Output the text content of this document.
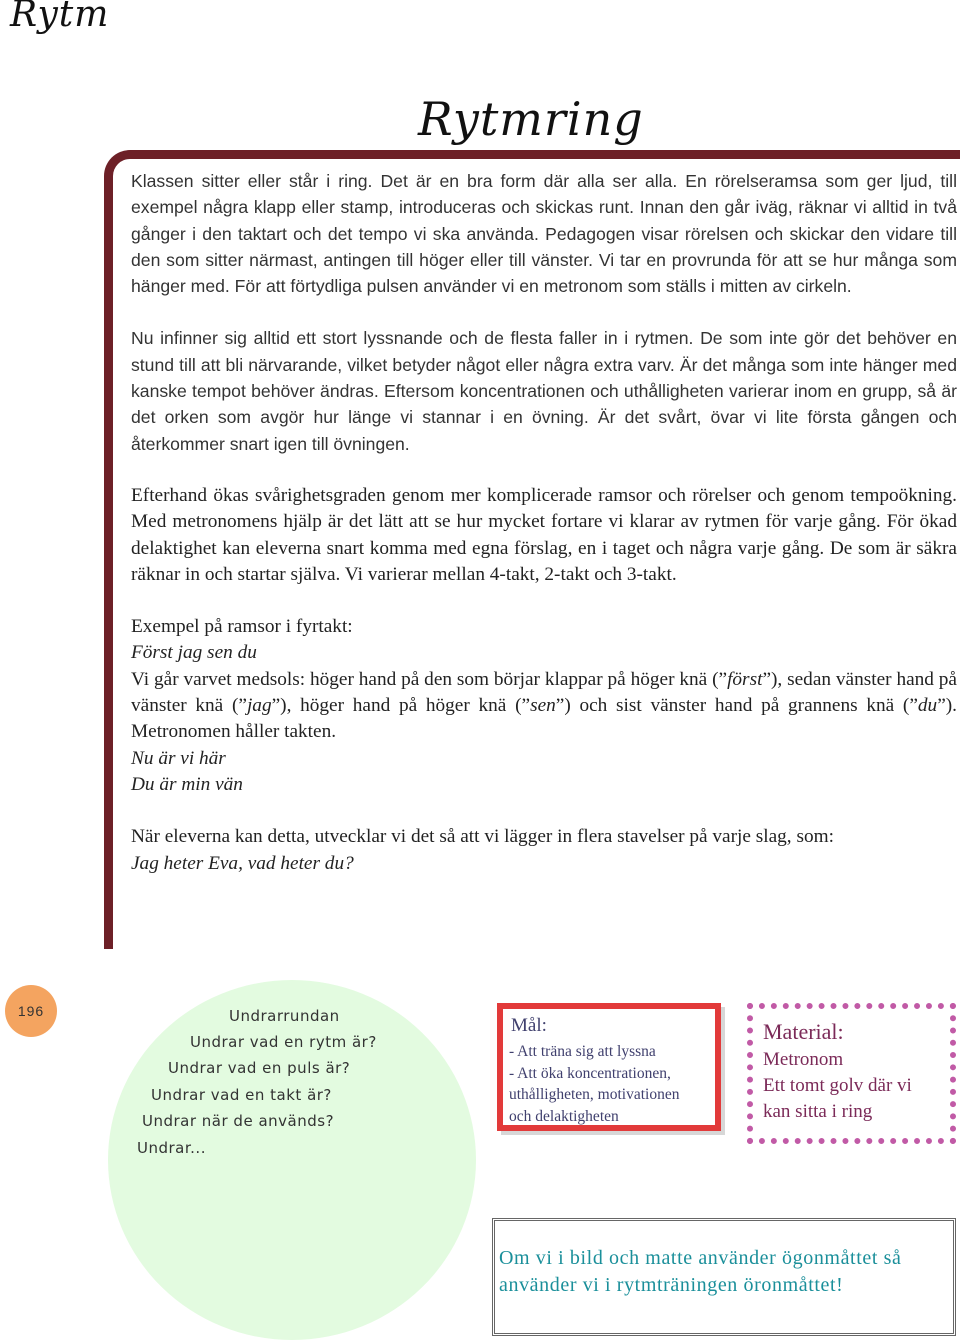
Rytm
Rytmring

Klassen sitter eller står i ring. Det är en bra form där alla ser alla. En rörelseramsa som ger ljud, till exempel några klapp eller stamp, introduceras och skickas runt. Innan den går iväg, räknar vi alltid in två gånger i den taktart och det tempo vi ska använda. Pedagogen visar rörelsen och skickar den vidare till den som sitter närmast, antingen till höger eller till vänster. Vi tar en provrunda för att se hur många som hänger med. För att förtydliga pulsen använder vi en metronom som ställs i mitten av cirkeln.

Nu infinner sig alltid ett stort lyssnande och de flesta faller in i rytmen. De som inte gör det behöver en stund till att bli närvarande, vilket betyder något eller några extra varv. Är det många som inte hänger med kanske tempot behöver ändras. Eftersom koncentrationen och uthålligheten varierar inom en grupp, så är det orken som avgör hur länge vi stannar i en övning. Är det svårt, övar vi lite första gången och återkommer snart igen till övningen.

Efterhand ökas svårighetsgraden genom mer komplicerade ramsor och rörelser och genom tempoökning. Med metronomens hjälp är det lätt att se hur mycket fortare vi klarar av rytmen för varje gång. För ökad delaktighet kan eleverna snart komma med egna förslag, en i taget och några varje gång. De som är säkra räknar in och startar själva. Vi varierar mellan 4-takt, 2-takt och 3-takt.

Exempel på ramsor i fyrtakt:

Först jag sen du

Vi går varvet medsols: höger hand på den som börjar klappar på höger knä (”först”), sedan vänster hand på vänster knä (”jag”), höger hand på höger knä (”sen”) och sist vänster hand på grannens knä (”du”). Metronomen håller takten.

Nu är vi här

Du är min vän

När eleverna kan detta, utvecklar vi det så att vi lägger in flera stavelser på varje slag, som:

Jag heter Eva, vad heter du?

196	Undrarrundan
Undrar vad en rytm är?
Undrar vad en puls är?
Undrar vad en takt är?
Undrar när de används?
Undrar...
Mål:

- Att träna sig att lyssna

- Att öka koncentrationen,

uthålligheten, motivationen

och delaktigheten

Material:

Metronom

Ett tomt golv där vi

kan sitta i ring

Om vi i bild och matte använder ögonmåttet så

använder vi i rytmträningen öronmåttet!
